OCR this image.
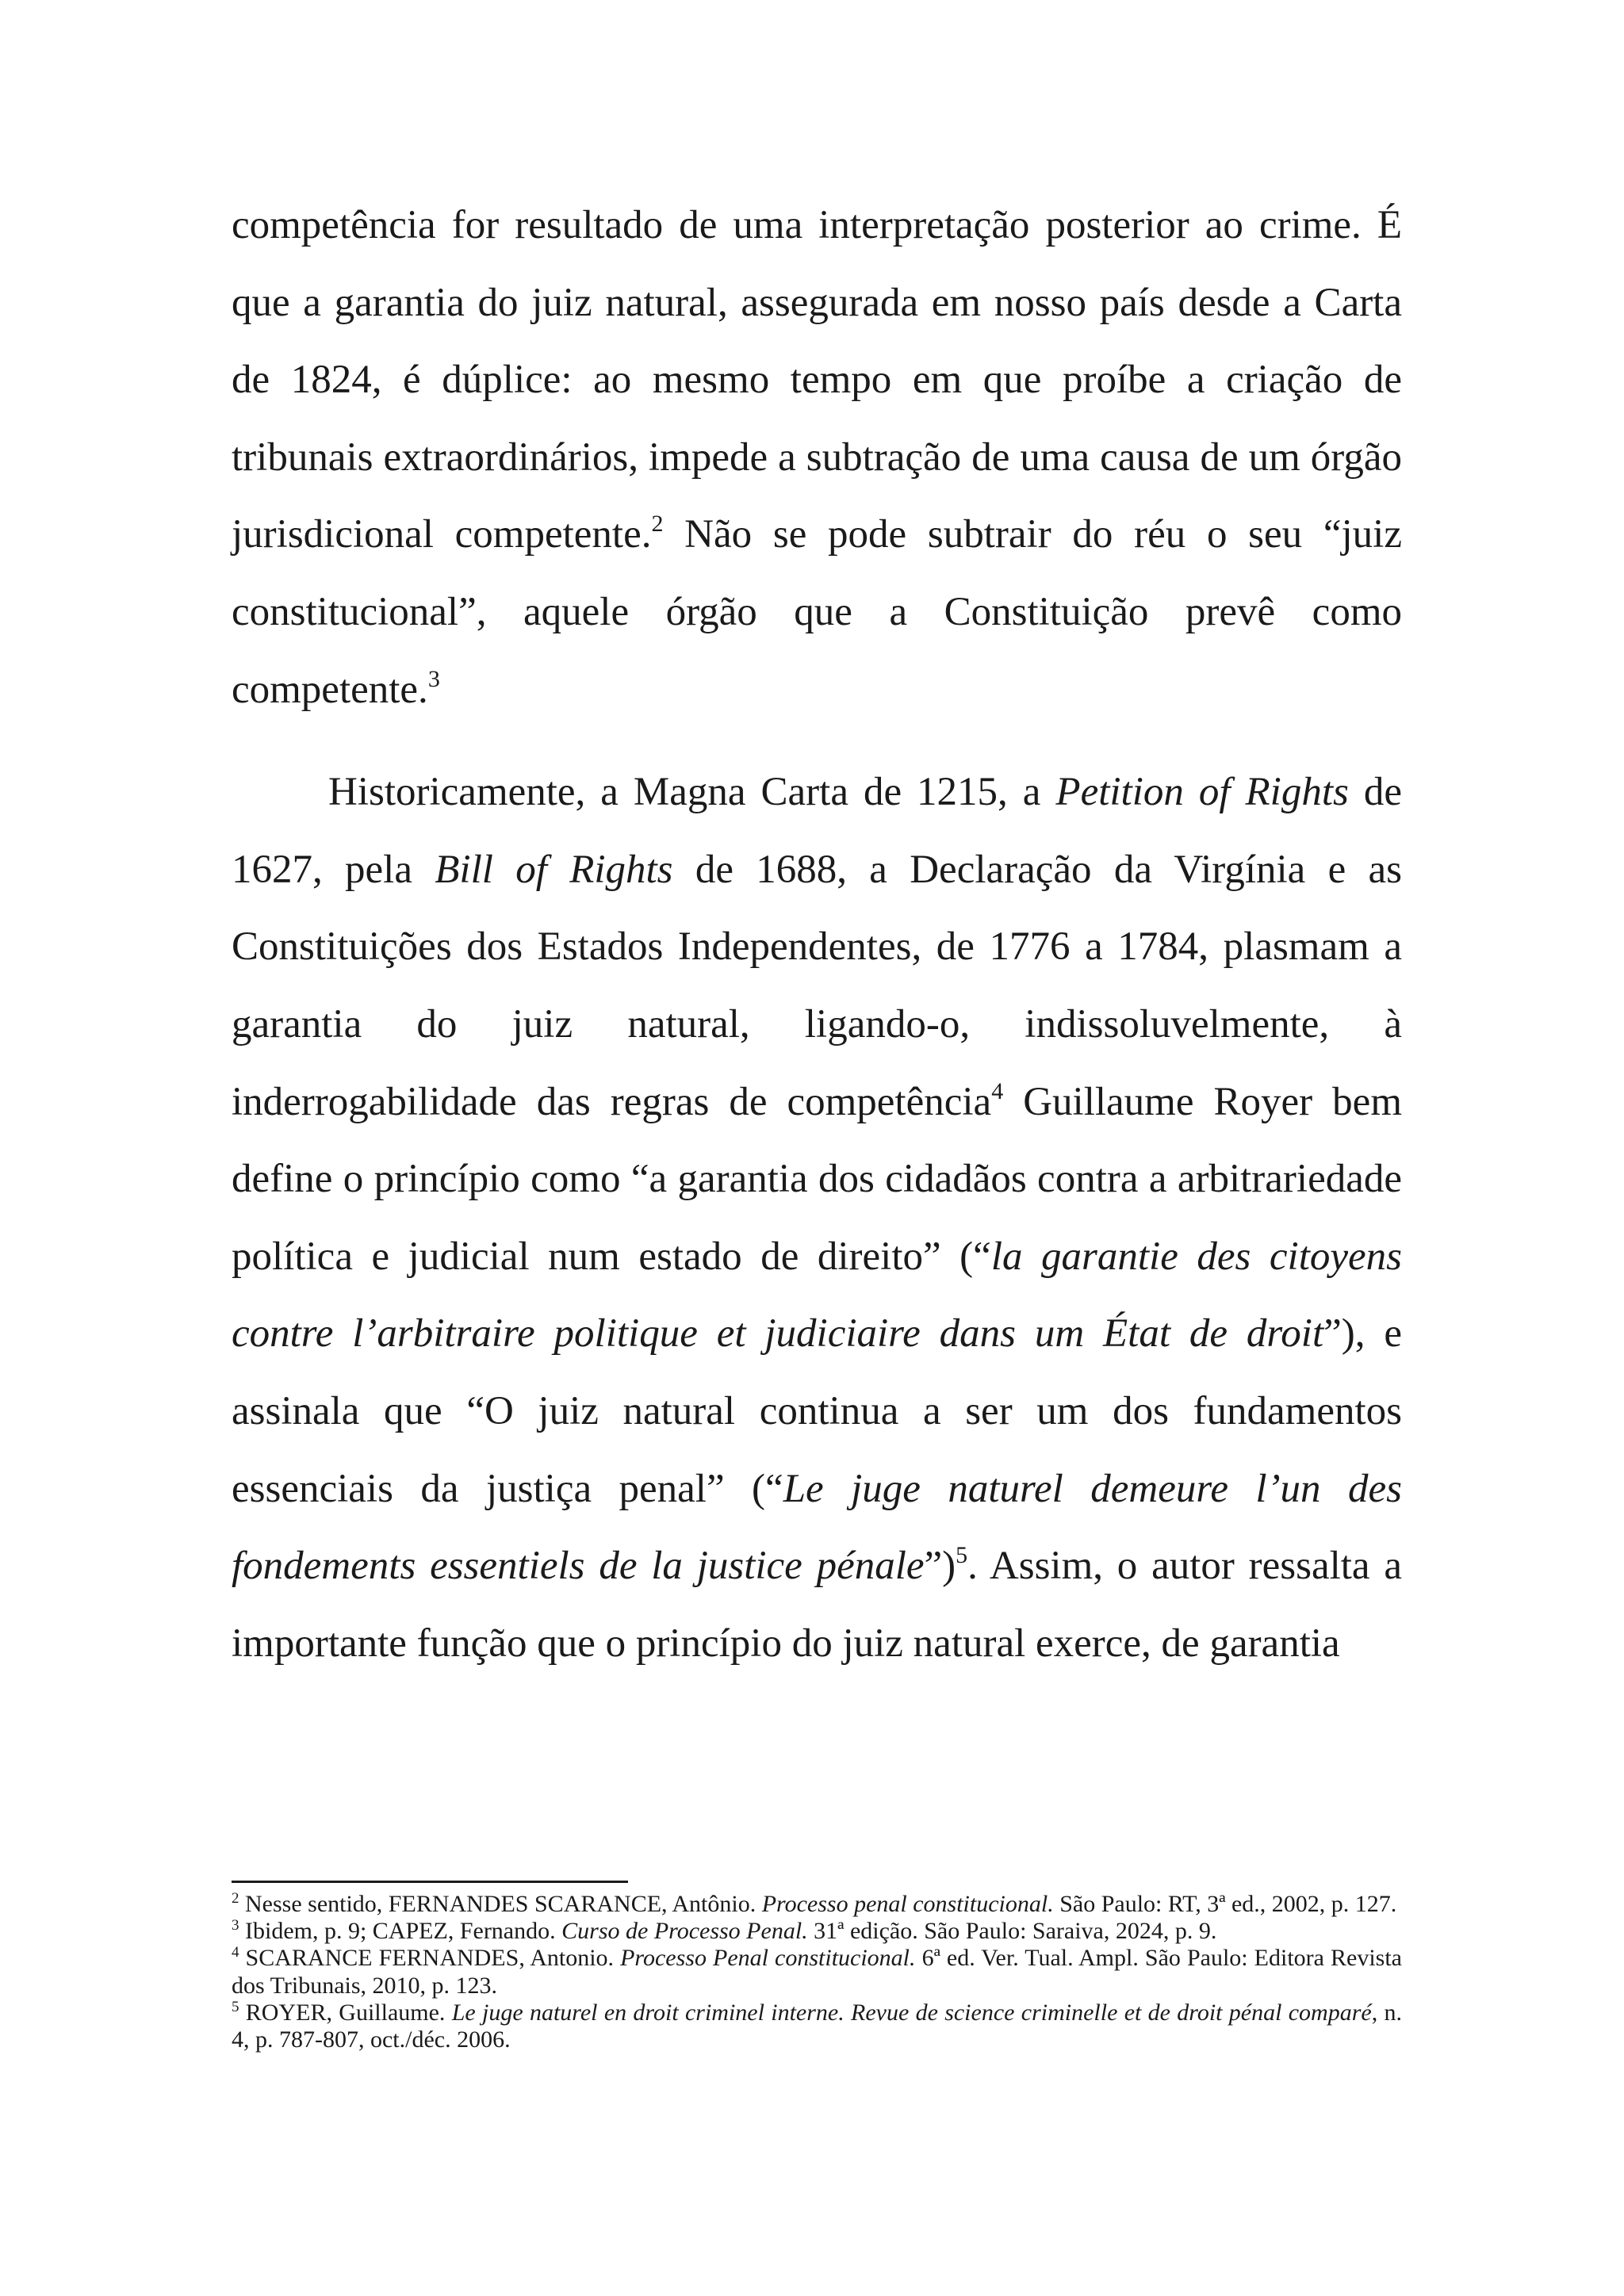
competência for resultado de uma interpretação posterior ao crime. É que a garantia do juiz natural, assegurada em nosso país desde a Carta de 1824, é dúplice: ao mesmo tempo em que proíbe a criação de tribunais extraordinários, impede a subtração de uma causa de um órgão jurisdicional competente.$^2$ Não se pode subtrair do réu o seu “juiz constitucional”, aquele órgão que a Constituição prevê como competente.$^3$

Historicamente, a Magna Carta de 1215, a Petition of Rights de 1627, pela Bill of Rights de 1688, a Declaração da Virgínia e as Constituições dos Estados Independentes, de 1776 a 1784, plasmam a garantia do juiz natural, ligando-o, indissoluvelmente, à inderrogabilidade das regras de competência$^4$ Guillaume Royer bem define o princípio como “a garantia dos cidadãos contra a arbitrariedade política e judicial num estado de direito” (“la garantie des citoyens contre l’arbitraire politique et judiciaire dans um État de droit”), e assinala que “O juiz natural continua a ser um dos fundamentos essenciais da justiça penal” (“Le juge naturel demeure l’un des fondements essentiels de la justice pénale”)$^5$. Assim, o autor ressalta a importante função que o princípio do juiz natural exerce, de garantia

$^2$ Nesse sentido, FERNANDES SCARANCE, Antônio. Processo penal constitucional. São Paulo: RT, 3ª ed., 2002, p. 127.

$^3$ Ibidem, p. 9; CAPEZ, Fernando. Curso de Processo Penal. 31ª edição. São Paulo: Saraiva, 2024, p. 9.

$^4$ SCARANCE FERNANDES, Antonio. Processo Penal constitucional. 6ª ed. Ver. Tual. Ampl. São Paulo: Editora Revista dos Tribunais, 2010, p. 123.

$^5$ ROYER, Guillaume. Le juge naturel en droit criminel interne. Revue de science criminelle et de droit pénal comparé, n. 4, p. 787-807, oct./déc. 2006.
